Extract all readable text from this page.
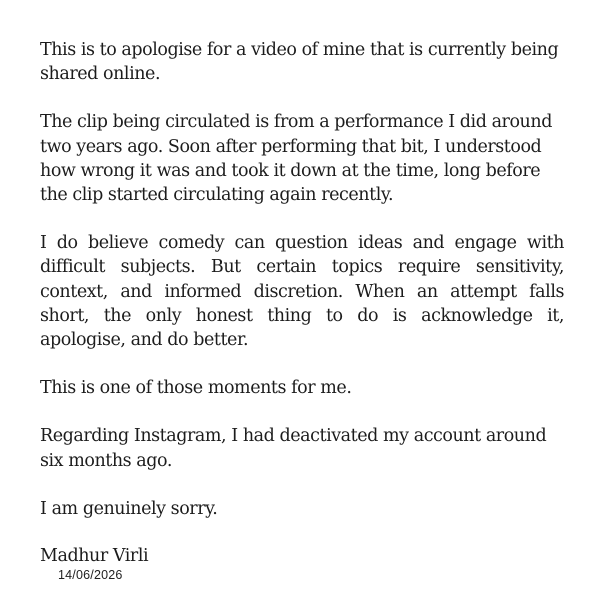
This is to apologise for a video of mine that is currently being shared online.

The clip being circulated is from a performance I did around two years ago. Soon after performing that bit, I understood how wrong it was and took it down at the time, long before the clip started circulating again recently.

I do believe comedy can question ideas and engage with difficult subjects. But certain topics require sensitivity, context, and informed discretion. When an attempt falls short, the only honest thing to do is acknowledge it, apologise, and do better.

This is one of those moments for me.

Regarding Instagram, I had deactivated my account around six months ago.

I am genuinely sorry.

Madhur Virli
14/06/2026
